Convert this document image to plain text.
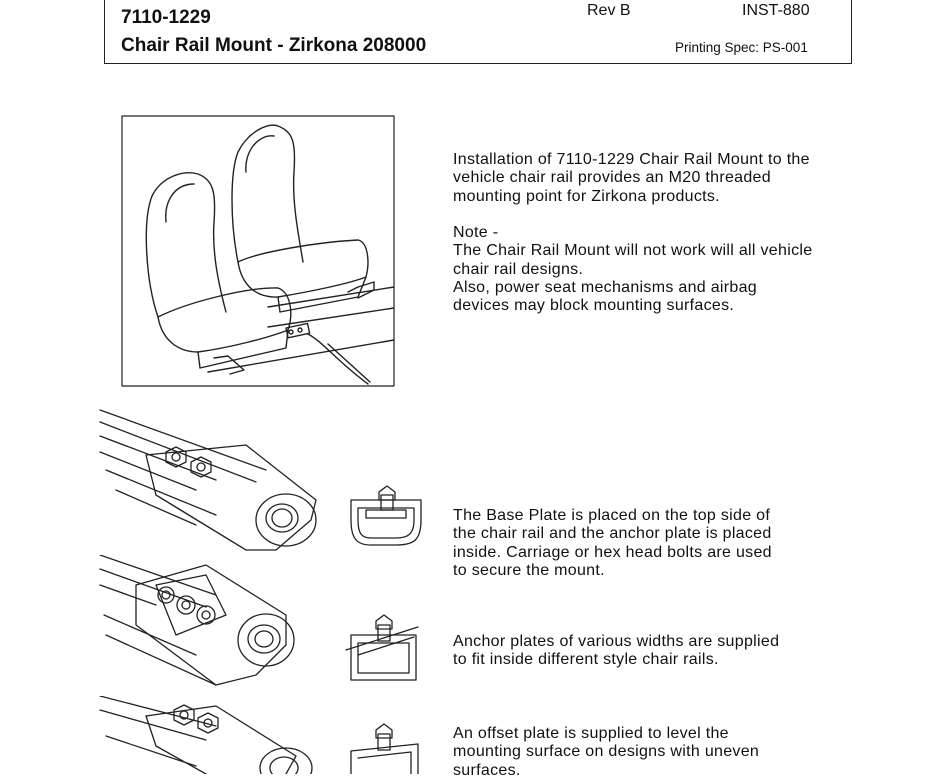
7110-1229
Chair Rail Mount - Zirkona 208000
Rev B	INST-880
Printing Spec: PS-001
Installation of 7110-1229 Chair Rail Mount to the
vehicle chair rail provides an M20 threaded
mounting point for Zirkona products.
Note -
The Chair Rail Mount will not work will all vehicle
chair rail designs.
Also, power seat mechanisms and airbag
devices may block mounting surfaces.
The Base Plate is placed on the top side of
the chair rail and the anchor plate is placed
inside. Carriage or hex head bolts are used
to secure the mount.
Anchor plates of various widths are supplied
to fit inside different style chair rails.
An offset plate is supplied to level the
mounting surface on designs with uneven
surfaces.
